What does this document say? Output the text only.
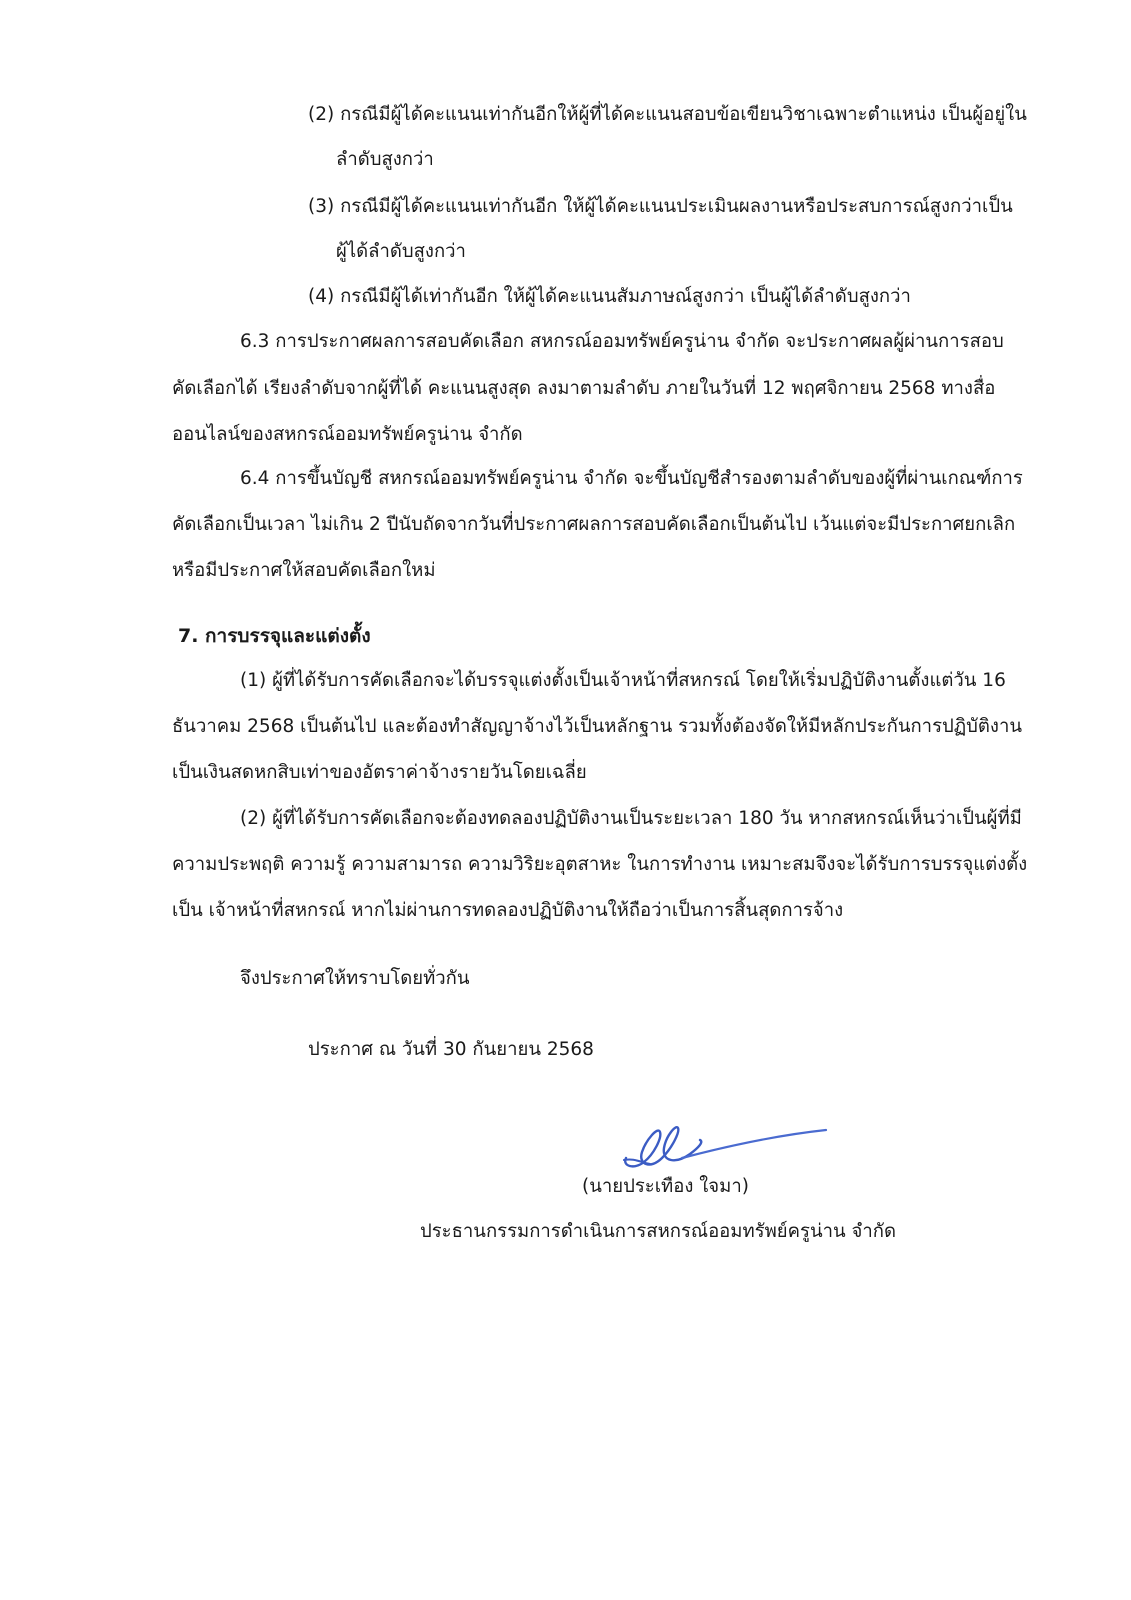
(2) กรณีมีผู้ได้คะแนนเท่ากันอีกให้ผู้ที่ได้คะแนนสอบข้อเขียนวิชาเฉพาะตำแหน่ง เป็นผู้อยู่ใน
ลำดับสูงกว่า
(3) กรณีมีผู้ได้คะแนนเท่ากันอีก ให้ผู้ได้คะแนนประเมินผลงานหรือประสบการณ์สูงกว่าเป็น
ผู้ได้ลำดับสูงกว่า
(4) กรณีมีผู้ได้เท่ากันอีก ให้ผู้ได้คะแนนสัมภาษณ์สูงกว่า เป็นผู้ได้ลำดับสูงกว่า
6.3 การประกาศผลการสอบคัดเลือก สหกรณ์ออมทรัพย์ครูน่าน จำกัด จะประกาศผลผู้ผ่านการสอบ
คัดเลือกได้ เรียงลำดับจากผู้ที่ได้ คะแนนสูงสุด ลงมาตามลำดับ ภายในวันที่ 12 พฤศจิกายน 2568 ทางสื่อ
ออนไลน์ของสหกรณ์ออมทรัพย์ครูน่าน จำกัด
6.4 การขึ้นบัญชี สหกรณ์ออมทรัพย์ครูน่าน จำกัด จะขึ้นบัญชีสำรองตามลำดับของผู้ที่ผ่านเกณฑ์การ
คัดเลือกเป็นเวลา ไม่เกิน 2 ปีนับถัดจากวันที่ประกาศผลการสอบคัดเลือกเป็นต้นไป เว้นแต่จะมีประกาศยกเลิก
หรือมีประกาศให้สอบคัดเลือกใหม่
7. การบรรจุและแต่งตั้ง
(1) ผู้ที่ได้รับการคัดเลือกจะได้บรรจุแต่งตั้งเป็นเจ้าหน้าที่สหกรณ์ โดยให้เริ่มปฏิบัติงานตั้งแต่วัน 16
ธันวาคม 2568 เป็นต้นไป และต้องทำสัญญาจ้างไว้เป็นหลักฐาน รวมทั้งต้องจัดให้มีหลักประกันการปฏิบัติงาน
เป็นเงินสดหกสิบเท่าของอัตราค่าจ้างรายวันโดยเฉลี่ย
(2) ผู้ที่ได้รับการคัดเลือกจะต้องทดลองปฏิบัติงานเป็นระยะเวลา 180 วัน หากสหกรณ์เห็นว่าเป็นผู้ที่มี
ความประพฤติ ความรู้ ความสามารถ ความวิริยะอุตสาหะ ในการทำงาน เหมาะสมจึงจะได้รับการบรรจุแต่งตั้ง
เป็น เจ้าหน้าที่สหกรณ์ หากไม่ผ่านการทดลองปฏิบัติงานให้ถือว่าเป็นการสิ้นสุดการจ้าง
จึงประกาศให้ทราบโดยทั่วกัน
ประกาศ ณ วันที่ 30 กันยายน 2568
(นายประเทือง ใจมา)
ประธานกรรมการดำเนินการสหกรณ์ออมทรัพย์ครูน่าน จำกัด
